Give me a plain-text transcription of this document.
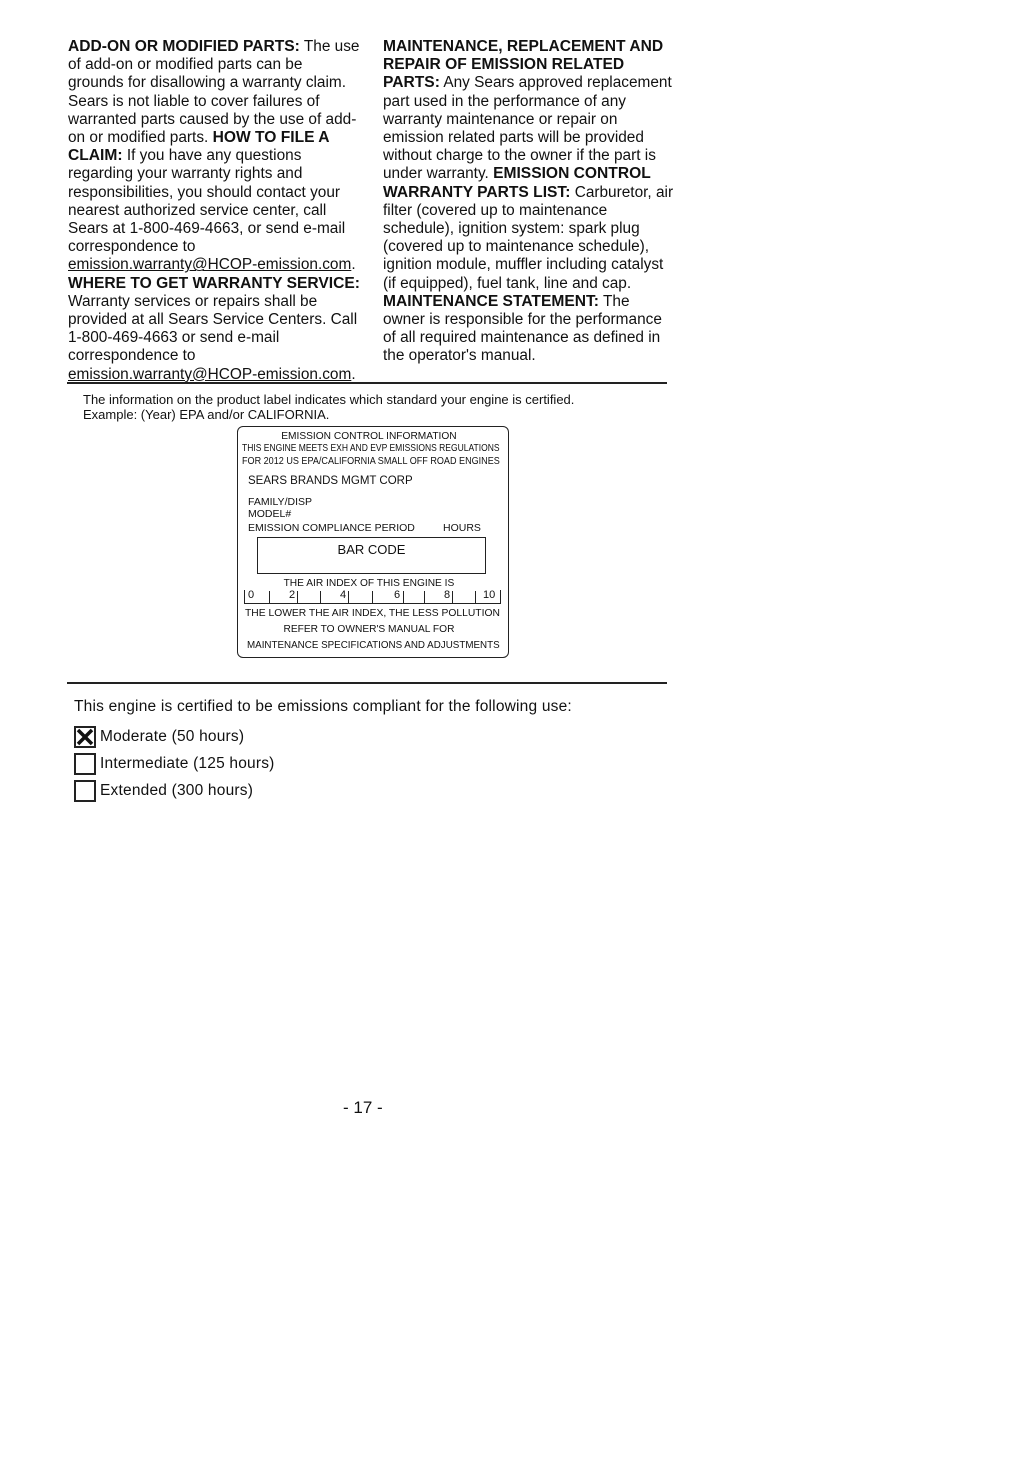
ADD-ON OR MODIFIED PARTS: The use of add-on or modified parts can be grounds for disallowing a warranty claim. Sears is not liable to cover failures of warranted parts caused by the use of add-on or modified parts. HOW TO FILE A CLAIM: If you have any questions regarding your warranty rights and responsibilities, you should contact your nearest authorized service center, call Sears at 1-800-469-4663, or send e-mail correspondence to emission.warranty@HCOP-emission.com. WHERE TO GET WARRANTY SERVICE: Warranty services or repairs shall be provided at all Sears Service Centers. Call 1-800-469-4663 or send e-mail correspondence to emission.warranty@HCOP-emission.com.
MAINTENANCE, REPLACEMENT AND REPAIR OF EMISSION RELATED PARTS: Any Sears approved replacement part used in the performance of any warranty maintenance or repair on emission related parts will be provided without charge to the owner if the part is under warranty. EMISSION CONTROL WARRANTY PARTS LIST: Carburetor, air filter (covered up to maintenance schedule), ignition system: spark plug (covered up to maintenance schedule), ignition module, muffler including catalyst (if equipped), fuel tank, line and cap. MAINTENANCE STATEMENT: The owner is responsible for the performance of all required maintenance as defined in the operator's manual.
The information on the product label indicates which standard your engine is certified.
Example: (Year) EPA and/or CALIFORNIA.
EMISSION CONTROL INFORMATION
THIS ENGINE MEETS EXH AND EVP EMISSIONS REGULATIONS
FOR 2012 US EPA/CALIFORNIA SMALL OFF ROAD ENGINES
SEARS BRANDS MGMT CORP
FAMILY/DISP
MODEL#
EMISSION COMPLIANCE PERIOD	HOURS
BAR CODE
THE AIR INDEX OF THIS ENGINE IS
0	2	4	6	8	10
THE LOWER THE AIR INDEX, THE LESS POLLUTION
REFER TO OWNER'S MANUAL FOR
MAINTENANCE SPECIFICATIONS AND ADJUSTMENTS
This engine is certified to be emissions compliant for the following use:
Moderate (50 hours)
Intermediate (125 hours)
Extended (300 hours)
- 17 -
